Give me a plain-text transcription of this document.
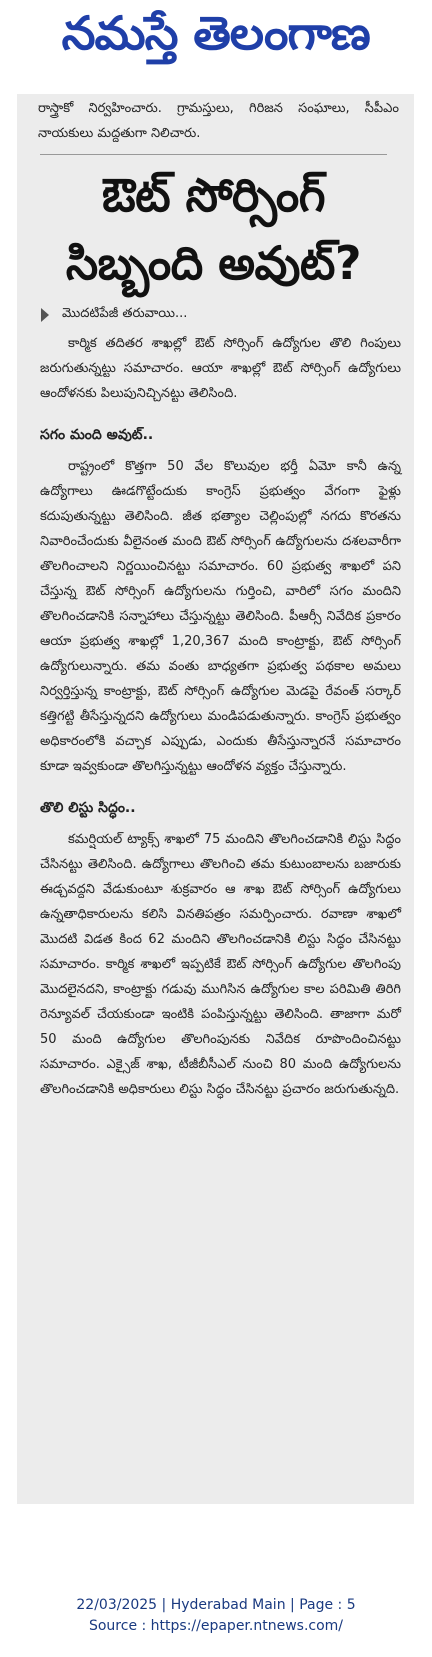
నమస్తే తెలంగాణ
రాస్త్రాకో నిర్వహించారు. గ్రామస్తులు, గిరిజన సంఘాలు, సీపీఎం నాయకులు మద్దతుగా నిలిచారు.
ఔట్ సోర్సింగ్
సిబ్బంది అవుట్?
మొదటిపేజీ తరువాయి...
కార్మిక తదితర శాఖల్లో ఔట్ సోర్సింగ్ ఉద్యోగుల తొలి గింపులు జరుగుతున్నట్టు సమాచారం. ఆయా శాఖల్లో ఔట్ సోర్సింగ్ ఉద్యోగులు ఆందోళనకు పిలుపునిచ్చినట్టు తెలిసింది.
సగం మంది అవుట్..
రాష్ట్రంలో కొత్తగా 50 వేల కొలువుల భర్తీ ఏమో కానీ ఉన్న ఉద్యోగాలు ఊడగొట్టేందుకు కాంగ్రెస్ ప్రభుత్వం వేగంగా ఫైళ్లు కదుపుతున్నట్టు తెలిసింది. జీత భత్యాల చెల్లింపుల్లో నగదు కొరతను నివారించేందుకు వీలైనంత మంది ఔట్ సోర్సింగ్ ఉద్యోగులను దశలవారీగా తొలగించాలని నిర్ణయించినట్టు సమాచారం. 60 ప్రభుత్వ శాఖలో పని చేస్తున్న ఔట్ సోర్సింగ్ ఉద్యోగులను గుర్తించి, వారిలో సగం మందిని తొలగించడానికి సన్నాహాలు చేస్తున్నట్టు తెలిసింది. పీఆర్సీ నివేదిక ప్రకారం ఆయా ప్రభుత్వ శాఖల్లో 1,20,367 మంది కాంట్రాక్టు, ఔట్ సోర్సింగ్ ఉద్యోగులున్నారు. తమ వంతు బాధ్యతగా ప్రభుత్వ పథకాల అమలు నిర్వర్తిస్తున్న కాంట్రాక్టు, ఔట్ సోర్సింగ్ ఉద్యోగుల మెడపై రేవంత్ సర్కార్ కత్తిగట్టి తీసేస్తున్నదని ఉద్యోగులు మండిపడుతున్నారు. కాంగ్రెస్ ప్రభుత్వం అధికారంలోకి వచ్చాక ఎప్పుడు, ఎందుకు తీసేస్తున్నారనే సమాచారం కూడా ఇవ్వకుండా తొలగిస్తున్నట్టు ఆందోళన వ్యక్తం చేస్తున్నారు.
తొలి లిస్టు సిద్ధం..
కమర్షియల్ ట్యాక్స్ శాఖలో 75 మందిని తొలగించడానికి లిస్టు సిద్ధం చేసినట్టు తెలిసింది. ఉద్యోగాలు తొలగించి తమ కుటుంబాలను బజారుకు ఈడ్చవద్దని వేడుకుంటూ శుక్రవారం ఆ శాఖ ఔట్ సోర్సింగ్ ఉద్యోగులు ఉన్నతాధికారులను కలిసి వినతిపత్రం సమర్పించారు. రవాణా శాఖలో మొదటి విడత కింద 62 మందిని తొలగించడానికి లిస్టు సిద్ధం చేసినట్టు సమాచారం. కార్మిక శాఖలో ఇప్పటికే ఔట్ సోర్సింగ్ ఉద్యోగుల తొలగింపు మొదలైనదని, కాంట్రాక్టు గడువు ముగిసిన ఉద్యోగుల కాల పరిమితి తిరిగి రెన్యూవల్ చేయకుండా ఇంటికి పంపిస్తున్నట్టు తెలిసింది. తాజాగా మరో 50 మంది ఉద్యోగుల తొలగింపునకు నివేదిక రూపొందించినట్టు సమాచారం. ఎక్సైజ్ శాఖ, టీజీబీసీఎల్ నుంచి 80 మంది ఉద్యోగులను తొలగించడానికి అధికారులు లిస్టు సిద్ధం చేసినట్టు ప్రచారం జరుగుతున్నది.
22/03/2025 | Hyderabad Main | Page : 5
Source : https://epaper.ntnews.com/
